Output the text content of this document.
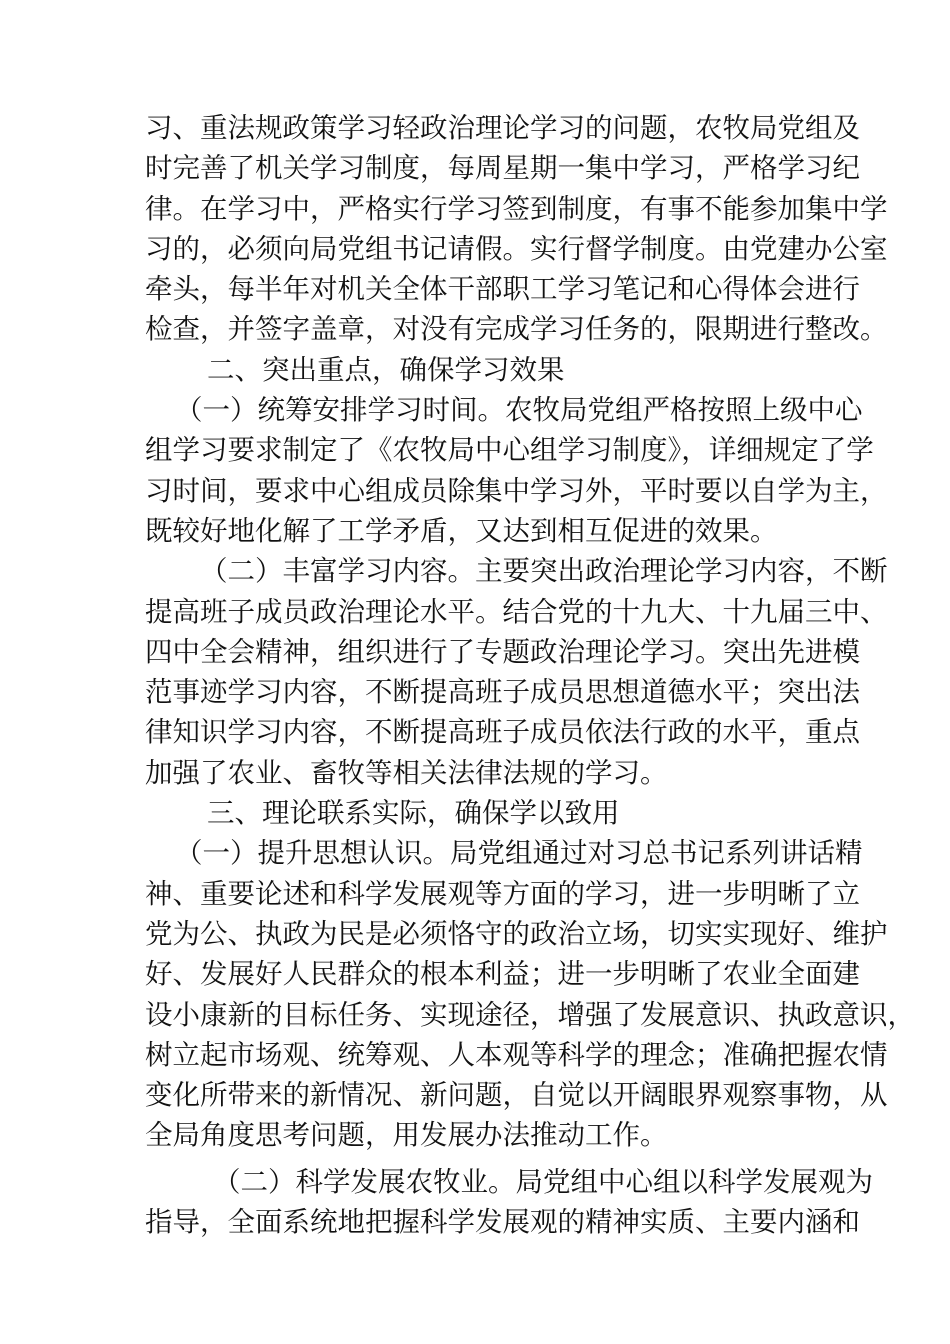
习、重法规政策学习轻政治理论学习的问题，农牧局党组及
时完善了机关学习制度，每周星期一集中学习，严格学习纪
律。在学习中，严格实行学习签到制度，有事不能参加集中学
习的，必须向局党组书记请假。实行督学制度。由党建办公室
牵头，每半年对机关全体干部职工学习笔记和心得体会进行
检查，并签字盖章，对没有完成学习任务的，限期进行整改。
二、突出重点，确保学习效果
（一）统筹安排学习时间。农牧局党组严格按照上级中心
组学习要求制定了《农牧局中心组学习制度》，详细规定了学
习时间，要求中心组成员除集中学习外，平时要以自学为主，
既较好地化解了工学矛盾，又达到相互促进的效果。
（二）丰富学习内容。主要突出政治理论学习内容，不断
提高班子成员政治理论水平。结合党的十九大、十九届三中、
四中全会精神，组织进行了专题政治理论学习。突出先进模
范事迹学习内容，不断提高班子成员思想道德水平；突出法
律知识学习内容，不断提高班子成员依法行政的水平，重点
加强了农业、畜牧等相关法律法规的学习。
三、理论联系实际，确保学以致用
（一）提升思想认识。局党组通过对习总书记系列讲话精
神、重要论述和科学发展观等方面的学习，进一步明晰了立
党为公、执政为民是必须恪守的政治立场，切实实现好、维护
好、发展好人民群众的根本利益；进一步明晰了农业全面建
设小康新的目标任务、实现途径，增强了发展意识、执政意识，
树立起市场观、统筹观、人本观等科学的理念；准确把握农情
变化所带来的新情况、新问题，自觉以开阔眼界观察事物，从
全局角度思考问题，用发展办法推动工作。
（二）科学发展农牧业。局党组中心组以科学发展观为
指导，全面系统地把握科学发展观的精神实质、主要内涵和
